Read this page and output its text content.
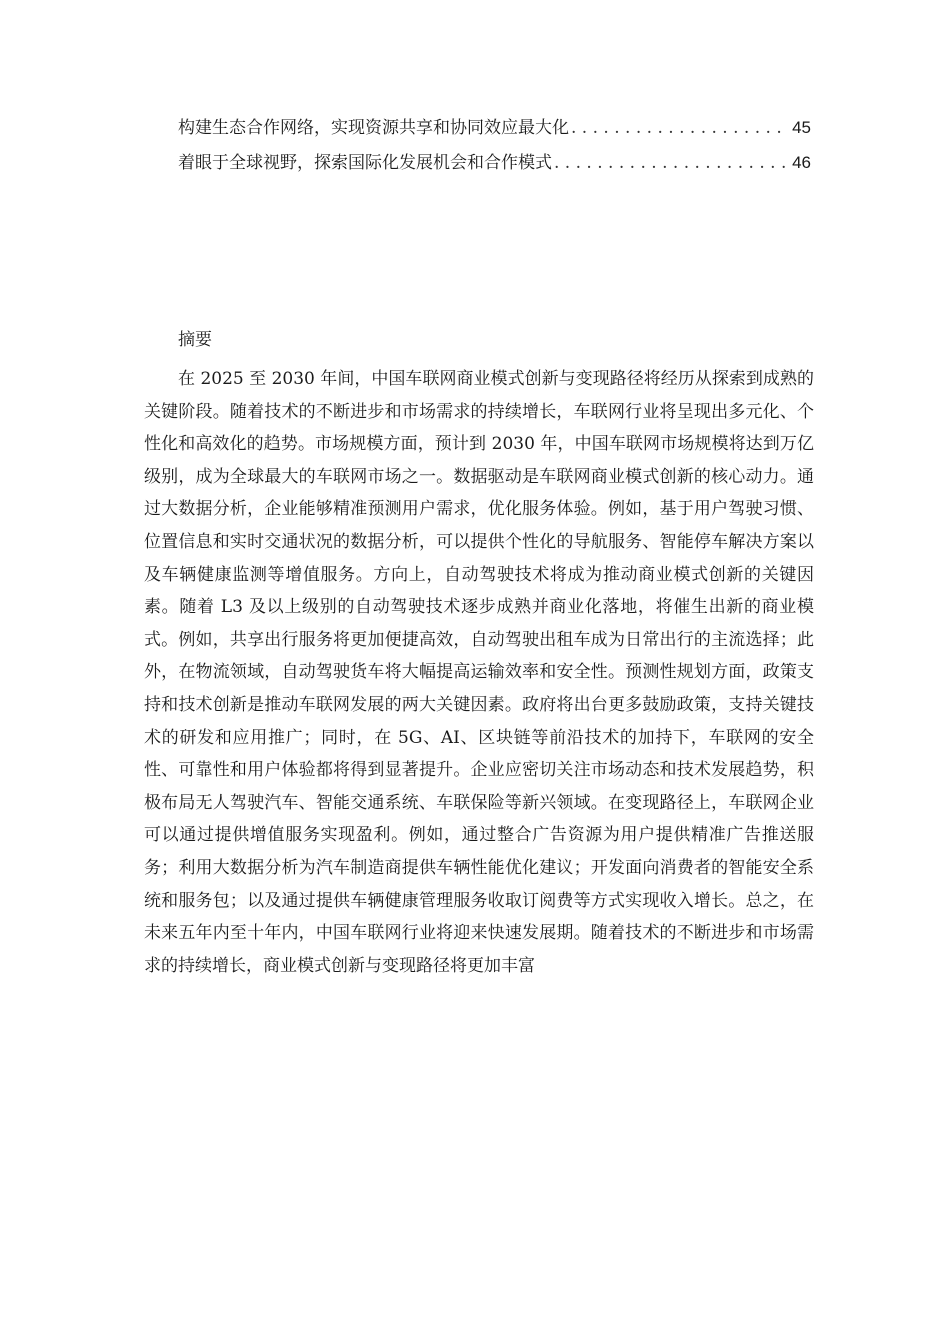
构建生态合作网络，实现资源共享和协同效应最大化 . . .	45
着眼于全球视野，探索国际化发展机会和合作模式 . . .	46
摘要

在 2025 至 2030 年间，中国车联网商业模式创新与变现路径将经历从探索到成熟的关键阶段。随着技术的不断进步和市场需求的持续增长，车联网行业将呈现出多元化、个性化和高效化的趋势。市场规模方面，预计到 2030 年，中国车联网市场规模将达到万亿级别，成为全球最大的车联网市场之一。数据驱动是车联网商业模式创新的核心动力。通过大数据分析，企业能够精准预测用户需求，优化服务体验。例如，基于用户驾驶习惯、位置信息和实时交通状况的数据分析，可以提供个性化的导航服务、智能停车解决方案以及车辆健康监测等增值服务。方向上，自动驾驶技术将成为推动商业模式创新的关键因素。随着 L3 及以上级别的自动驾驶技术逐步成熟并商业化落地，将催生出新的商业模式。例如，共享出行服务将更加便捷高效，自动驾驶出租车成为日常出行的主流选择；此外，在物流领域，自动驾驶货车将大幅提高运输效率和安全性。预测性规划方面，政策支持和技术创新是推动车联网发展的两大关键因素。政府将出台更多鼓励政策，支持关键技术的研发和应用推广；同时，在 5G、AI、区块链等前沿技术的加持下，车联网的安全性、可靠性和用户体验都将得到显著提升。企业应密切关注市场动态和技术发展趋势，积极布局无人驾驶汽车、智能交通系统、车联保险等新兴领域。在变现路径上，车联网企业可以通过提供增值服务实现盈利。例如，通过整合广告资源为用户提供精准广告推送服务；利用大数据分析为汽车制造商提供车辆性能优化建议；开发面向消费者的智能安全系统和服务包；以及通过提供车辆健康管理服务收取订阅费等方式实现收入增长。总之，在未来五年内至十年内，中国车联网行业将迎来快速发展期。随着技术的不断进步和市场需求的持续增长，商业模式创新与变现路径将更加丰富
